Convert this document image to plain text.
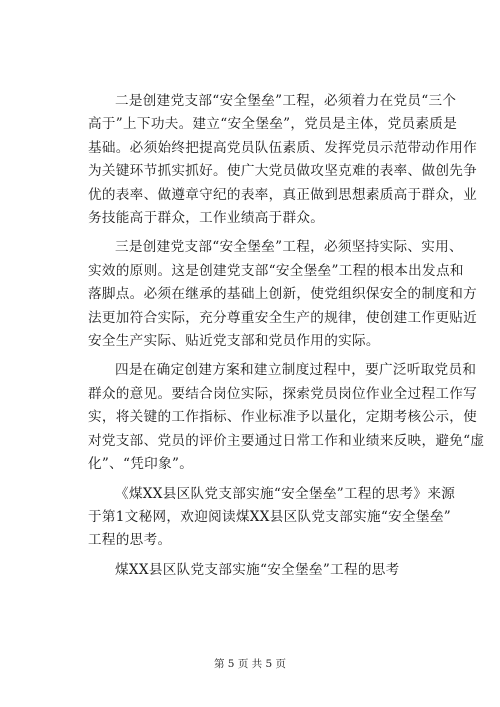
二是创建党支部“安全堡垒”工程，必须着力在党员“三个
高于”上下功夫。建立“安全堡垒”，党员是主体，党员素质是
基础。必须始终把提高党员队伍素质、发挥党员示范带动作用作
为关键环节抓实抓好。使广大党员做攻坚克难的表率、做创先争
优的表率、做遵章守纪的表率，真正做到思想素质高于群众，业
务技能高于群众，工作业绩高于群众。

三是创建党支部“安全堡垒”工程，必须坚持实际、实用、
实效的原则。这是创建党支部“安全堡垒”工程的根本出发点和
落脚点。必须在继承的基础上创新，使党组织保安全的制度和方
法更加符合实际，充分尊重安全生产的规律，使创建工作更贴近
安全生产实际、贴近党支部和党员作用的实际。

四是在确定创建方案和建立制度过程中，要广泛听取党员和
群众的意见。要结合岗位实际，探索党员岗位作业全过程工作写
实，将关键的工作指标、作业标准予以量化，定期考核公示，使
对党支部、党员的评价主要通过日常工作和业绩来反映，避免“虚
化”、“凭印象”。

《煤XX县区队党支部实施“安全堡垒”工程的思考》来源
于第1文秘网，欢迎阅读煤XX县区队党支部实施“安全堡垒”
工程的思考。

煤XX县区队党支部实施“安全堡垒”工程的思考

第 5 页 共 5 页
